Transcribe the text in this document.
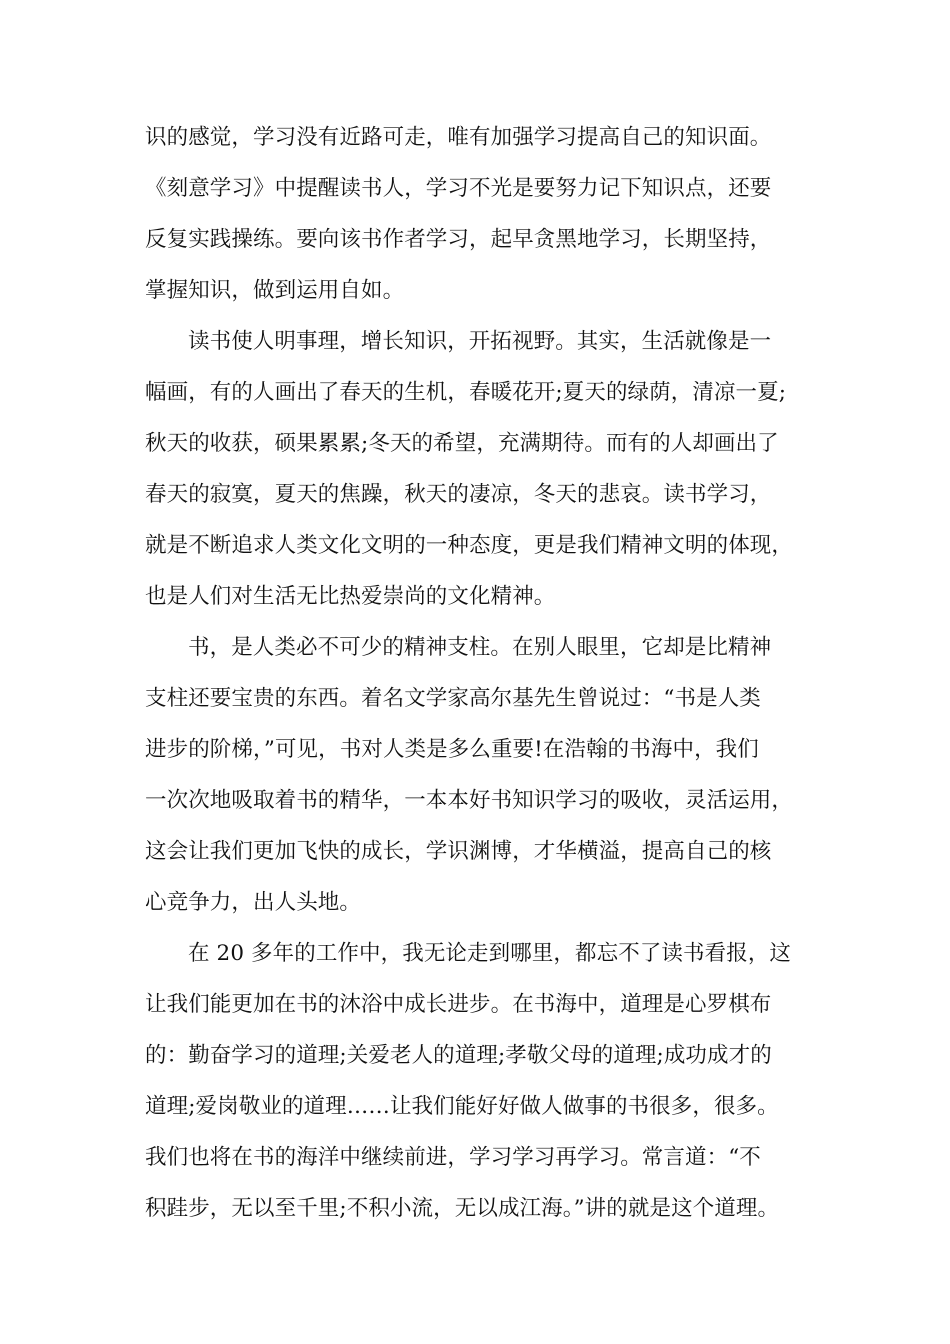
识的感觉，学习没有近路可走，唯有加强学习提高自己的知识面。
《刻意学习》中提醒读书人，学习不光是要努力记下知识点，还要
反复实践操练。要向该书作者学习，起早贪黑地学习，长期坚持，
掌握知识，做到运用自如。
读书使人明事理，增长知识，开拓视野。其实，生活就像是一
幅画，有的人画出了春天的生机，春暖花开;夏天的绿荫，清凉一夏;
秋天的收获，硕果累累;冬天的希望，充满期待。而有的人却画出了
春天的寂寞，夏天的焦躁，秋天的凄凉，冬天的悲哀。读书学习，
就是不断追求人类文化文明的一种态度，更是我们精神文明的体现，
也是人们对生活无比热爱崇尚的文化精神。
书，是人类必不可少的精神支柱。在别人眼里，它却是比精神
支柱还要宝贵的东西。着名文学家高尔基先生曾说过：“书是人类
进步的阶梯，”可见，书对人类是多么重要!在浩翰的书海中，我们
一次次地吸取着书的精华，一本本好书知识学习的吸收，灵活运用，
这会让我们更加飞快的成长，学识渊博，才华横溢，提高自己的核
心竞争力，出人头地。
在 20 多年的工作中，我无论走到哪里，都忘不了读书看报，这
让我们能更加在书的沐浴中成长进步。在书海中，道理是心罗棋布
的：勤奋学习的道理;关爱老人的道理;孝敬父母的道理;成功成才的
道理;爱岗敬业的道理……让我们能好好做人做事的书很多，很多。
我们也将在书的海洋中继续前进，学习学习再学习。常言道：“不
积跬步，无以至千里;不积小流，无以成江海。”讲的就是这个道理。
